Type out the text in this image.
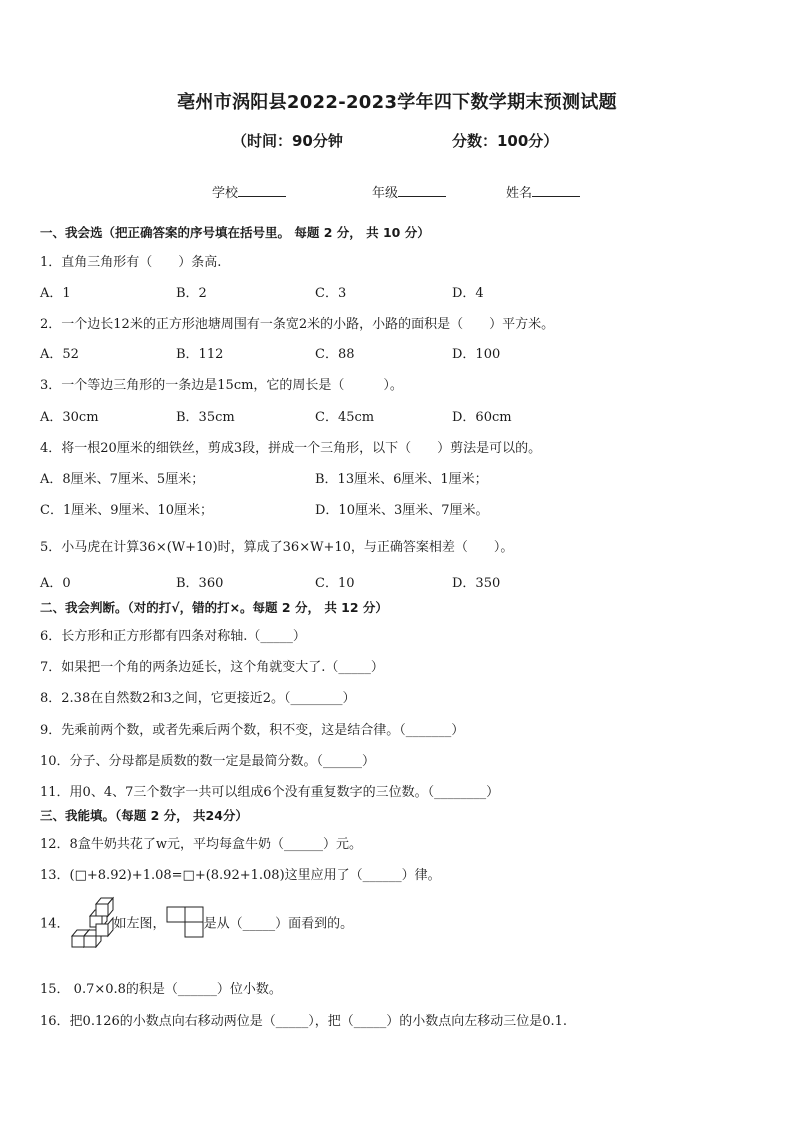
亳州市涡阳县2022-2023学年四下数学期末预测试题
（时间：90分钟	分数：100分）
学校	年级	姓名
一、我会选（把正确答案的序号填在括号里。 每题 2 分， 共 10 分）
1．直角三角形有（　　）条高.
A．1	B．2	C．3	D．4
2．一个边长12米的正方形池塘周围有一条宽2米的小路，小路的面积是（　　）平方米。
A．52	B．112	C．88	D．100
3．一个等边三角形的一条边是15cm，它的周长是（　　　）。
A．30cm	B．35cm	C．45cm	D．60cm
4．将一根20厘米的细铁丝，剪成3段，拼成一个三角形，以下（　　）剪法是可以的。
A．8厘米、7厘米、5厘米；	B．13厘米、6厘米、1厘米；
C．1厘米、9厘米、10厘米；	D．10厘米、3厘米、7厘米。
5．小马虎在计算36×(W+10)时，算成了36×W+10，与正确答案相差（　　）。
A．0	B．360	C．10	D．350
二、我会判断。（对的打√，错的打×。每题 2 分， 共 12 分）
6．长方形和正方形都有四条对称轴.（_____）
7．如果把一个角的两条边延长，这个角就变大了.（_____）
8．2.38在自然数2和3之间，它更接近2。（________）
9．先乘前两个数，或者先乘后两个数，积不变，这是结合律。（_______）
10．分子、分母都是质数的数一定是最简分数。（______）
11．用0、4、7三个数字一共可以组成6个没有重复数字的三位数。（________）
三、我能填。（每题 2 分， 共24分）
12．8盒牛奶共花了w元，平均每盒牛奶（______）元。
13．(□+8.92)+1.08=□+(8.92+1.08)这里应用了（______）律。
14．	如左图，	是从（_____）面看到的。
15． 0.7×0.8的积是（______）位小数。
16．把0.126的小数点向右移动两位是（_____），把（_____）的小数点向左移动三位是0.1.
